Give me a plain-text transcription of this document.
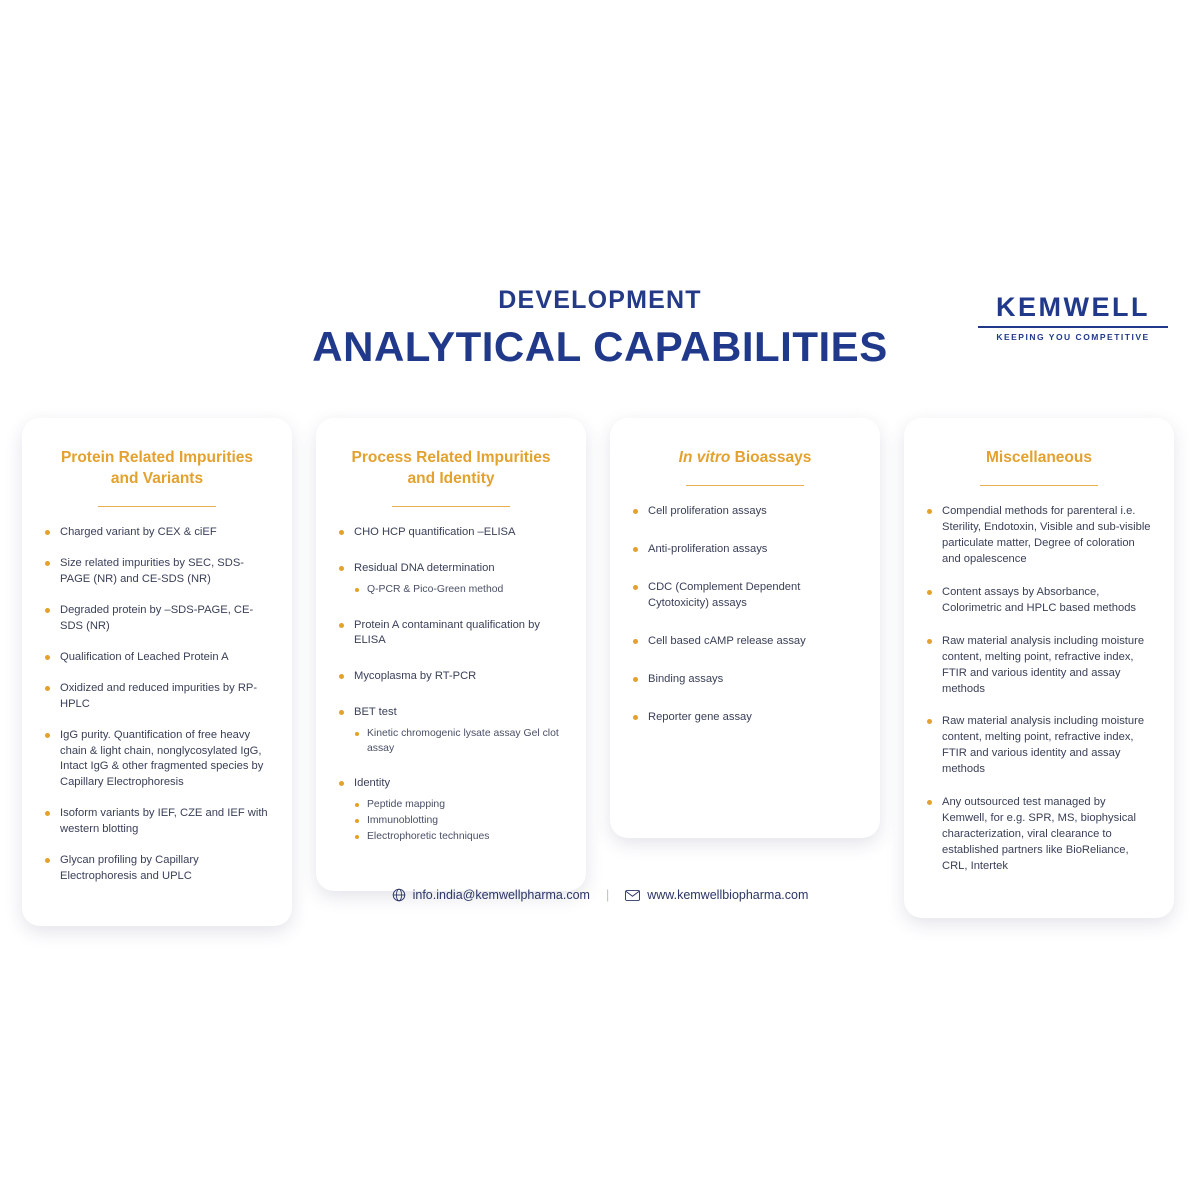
DEVELOPMENT
ANALYTICAL CAPABILITIES
KEMWELL
KEEPING YOU COMPETITIVE
Protein Related Impurities and Variants
Charged variant by CEX & ciEF
Size related impurities by SEC, SDS-PAGE (NR) and CE-SDS (NR)
Degraded protein by –SDS-PAGE, CE-SDS (NR)
Qualification of Leached Protein A
Oxidized and reduced impurities by RP-HPLC
IgG purity. Quantification of free heavy chain & light chain, nonglycosylated IgG, Intact IgG & other fragmented species by Capillary Electrophoresis
Isoform variants by IEF, CZE and IEF with western blotting
Glycan profiling by Capillary Electrophoresis and UPLC
Process Related Impurities and Identity
CHO HCP quantification –ELISA
Residual DNA determination
Q-PCR & Pico-Green method
Protein A contaminant qualification by ELISA
Mycoplasma by RT-PCR
BET test
Kinetic chromogenic lysate assay Gel clot assay
Identity
Peptide mapping
Immunoblotting
Electrophoretic techniques
In vitro Bioassays
Cell proliferation assays
Anti-proliferation assays
CDC (Complement Dependent Cytotoxicity) assays
Cell based cAMP release assay
Binding assays
Reporter gene assay
Miscellaneous
Compendial methods for parenteral i.e. Sterility, Endotoxin, Visible and sub-visible particulate matter, Degree of coloration and opalescence
Content assays by Absorbance, Colorimetric and HPLC based methods
Raw material analysis including moisture content, melting point, refractive index, FTIR and various identity and assay methods
Raw material analysis including moisture content, melting point, refractive index, FTIR and various identity and assay methods
Any outsourced test managed by Kemwell, for e.g. SPR, MS, biophysical characterization, viral clearance to established partners like BioReliance, CRL, Intertek
info.india@kemwellpharma.com |	www.kemwellbiopharma.com
